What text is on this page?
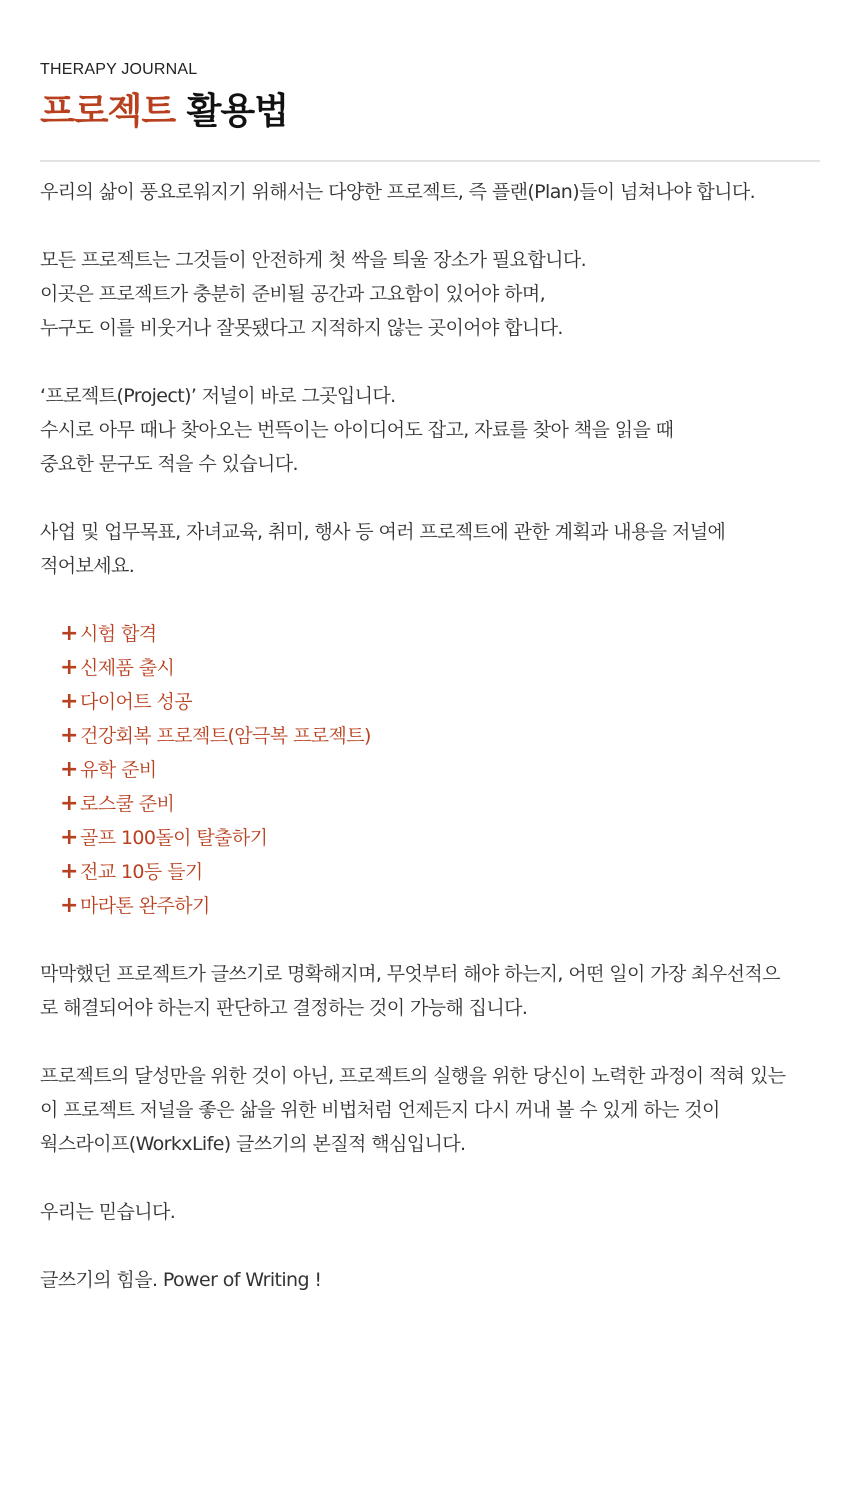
THERAPY JOURNAL

프로젝트 활용법

우리의 삶이 풍요로워지기 위해서는 다양한 프로젝트, 즉 플랜(Plan)들이 넘쳐나야 합니다.

모든 프로젝트는 그것들이 안전하게 첫 싹을 틔울 장소가 필요합니다.
이곳은 프로젝트가 충분히 준비될 공간과 고요함이 있어야 하며,
누구도 이를 비웃거나 잘못됐다고 지적하지 않는 곳이어야 합니다.

‘프로젝트(Project)’ 저널이 바로 그곳입니다.
수시로 아무 때나 찾아오는 번뜩이는 아이디어도 잡고, 자료를 찾아 책을 읽을 때
중요한 문구도 적을 수 있습니다.

사업 및 업무목표, 자녀교육, 취미, 행사 등 여러 프로젝트에 관한 계획과 내용을 저널에
적어보세요.

+ 시험 합격
+ 신제품 출시
+ 다이어트 성공
+ 건강회복 프로젝트(암극복 프로젝트)
+ 유학 준비
+ 로스쿨 준비
+ 골프 100돌이 탈출하기
+ 전교 10등 들기
+ 마라톤 완주하기

막막했던 프로젝트가 글쓰기로 명확해지며, 무엇부터 해야 하는지, 어떤 일이 가장 최우선적으
로 해결되어야 하는지 판단하고 결정하는 것이 가능해 집니다.

프로젝트의 달성만을 위한 것이 아닌, 프로젝트의 실행을 위한 당신이 노력한 과정이 적혀 있는
이 프로젝트 저널을 좋은 삶을 위한 비법처럼 언제든지 다시 꺼내 볼 수 있게 하는 것이
웍스라이프(WorkxLife) 글쓰기의 본질적 핵심입니다.

우리는 믿습니다.

글쓰기의 힘을. Power of Writing !
